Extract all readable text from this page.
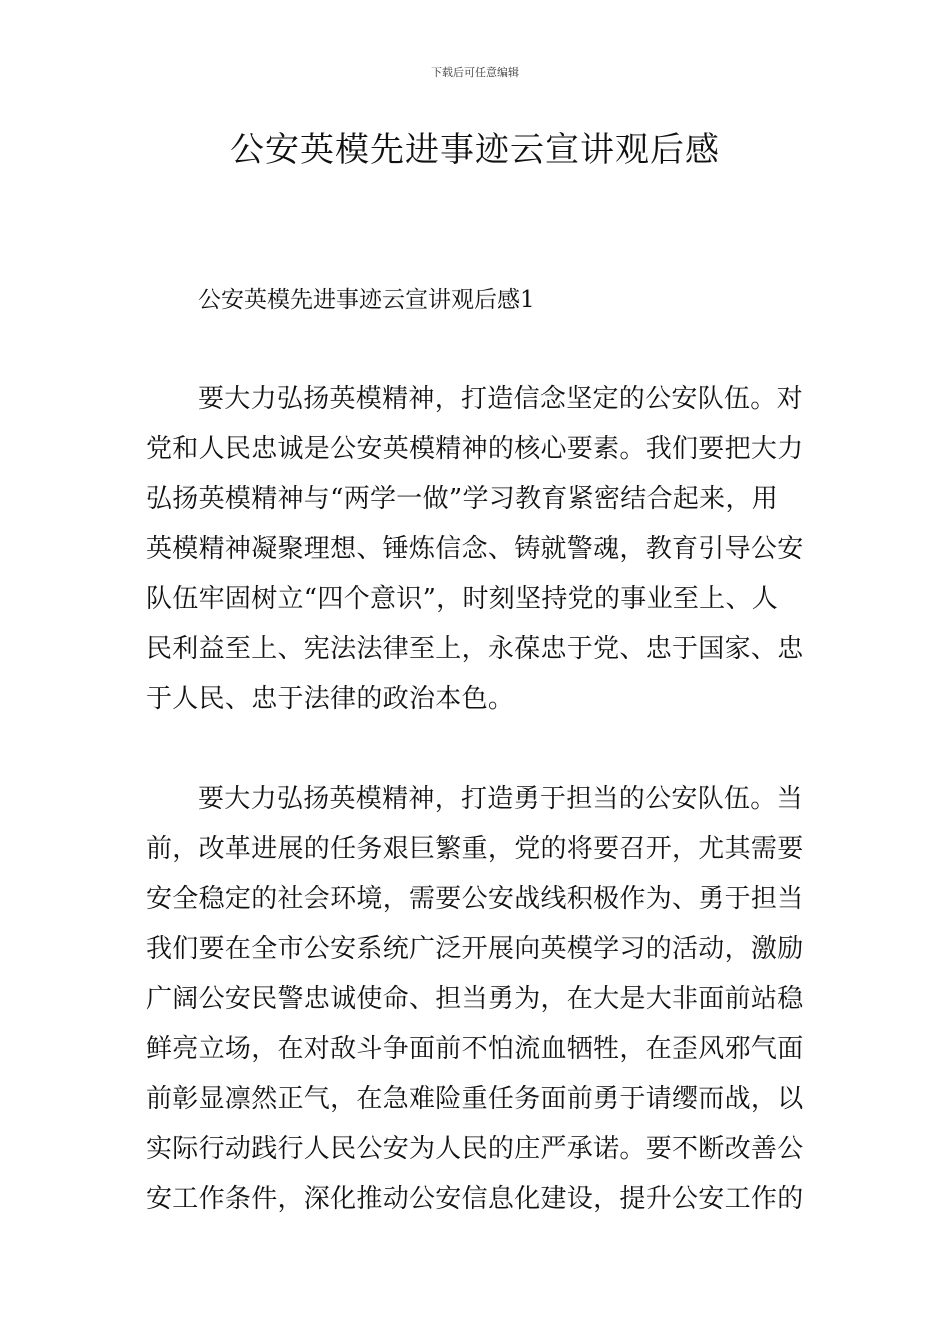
下载后可任意编辑
公安英模先进事迹云宣讲观后感
公安英模先进事迹云宣讲观后感1
要大力弘扬英模精神，打造信念坚定的公安队伍。对
党和人民忠诚是公安英模精神的核心要素。我们要把大力
弘扬英模精神与“两学一做”学习教育紧密结合起来，用
英模精神凝聚理想、锤炼信念、铸就警魂，教育引导公安
队伍牢固树立“四个意识”，时刻坚持党的事业至上、人
民利益至上、宪法法律至上，永葆忠于党、忠于国家、忠
于人民、忠于法律的政治本色。
要大力弘扬英模精神，打造勇于担当的公安队伍。当
前，改革进展的任务艰巨繁重，党的将要召开，尤其需要
安全稳定的社会环境，需要公安战线积极作为、勇于担当
我们要在全市公安系统广泛开展向英模学习的活动，激励
广阔公安民警忠诚使命、担当勇为，在大是大非面前站稳
鲜亮立场，在对敌斗争面前不怕流血牺牲，在歪风邪气面
前彰显凛然正气，在急难险重任务面前勇于请缨而战，以
实际行动践行人民公安为人民的庄严承诺。要不断改善公
安工作条件，深化推动公安信息化建设，提升公安工作的
